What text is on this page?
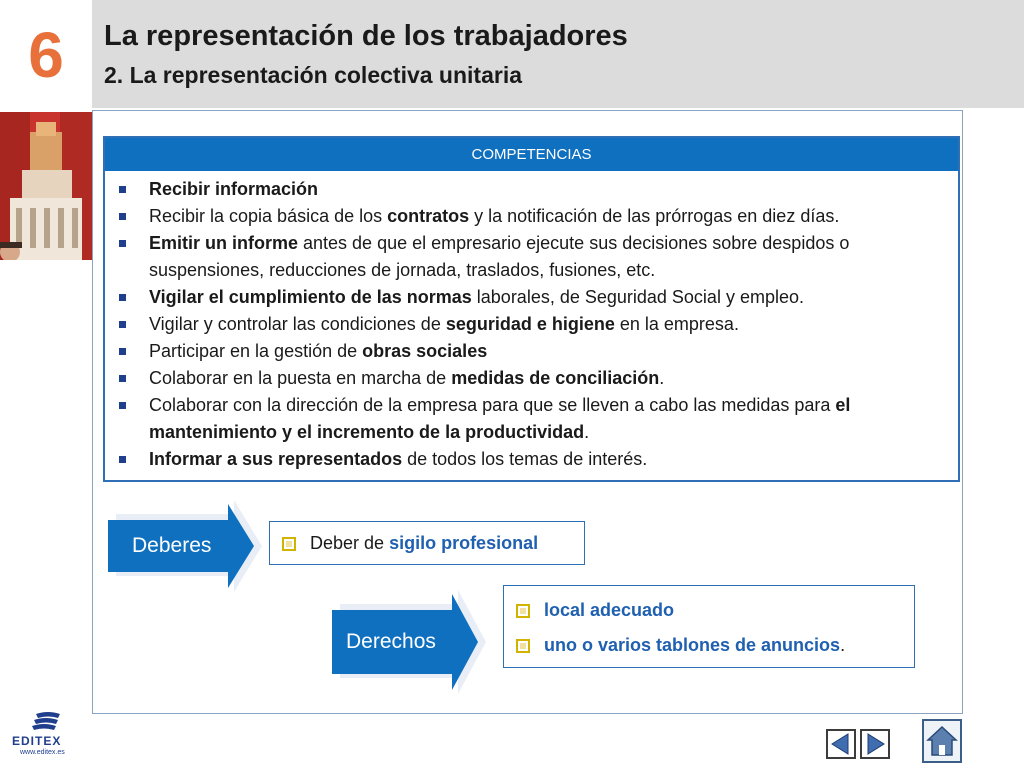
6	La representación de los trabajadores
2. La representación colectiva unitaria
COMPETENCIAS
Recibir información
Recibir la copia básica de los contratos y la notificación de las prórrogas en diez días.
Emitir un informe antes de que el empresario ejecute sus decisiones sobre despidos o suspensiones, reducciones de jornada, traslados, fusiones, etc.
Vigilar el cumplimiento de las normas laborales, de Seguridad Social y empleo.
Vigilar y controlar las condiciones de seguridad e higiene en la empresa.
Participar en la gestión de obras sociales
Colaborar en la puesta en marcha de medidas de conciliación.
Colaborar con la dirección de la empresa para que se lleven a cabo las medidas para el mantenimiento y el incremento de la productividad.
Informar a sus representados de todos los temas de interés.
Deberes	Deber de sigilo profesional
Derechos
local adecuado
uno o varios tablones de anuncios .
EDITEX
www.editex.es
